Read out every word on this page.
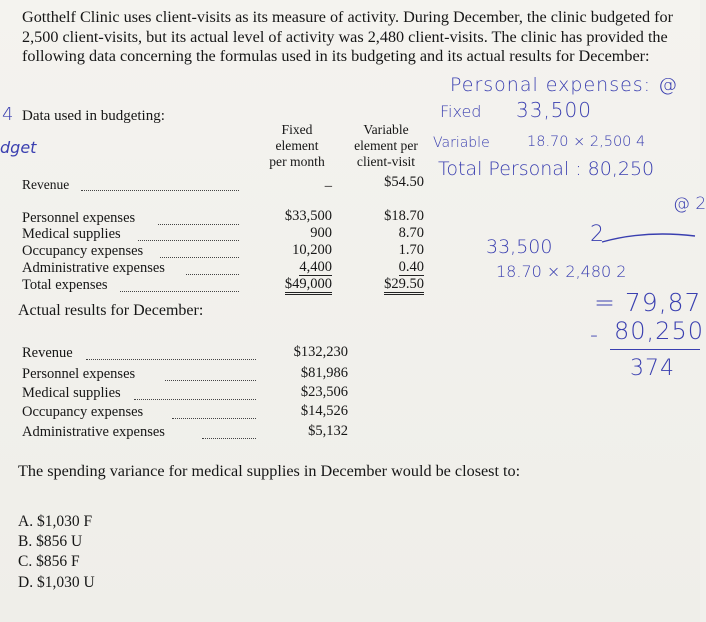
Gotthelf Clinic uses client-visits as its measure of activity. During December, the clinic budgeted for 2,500 client-visits, but its actual level of activity was 2,480 client-visits. The clinic has provided the following data concerning the formulas used in its budgeting and its actual results for December:
4
dget
Data used in budgeting:
Fixed
element
per month
Variable
element per
client-visit
Revenue	–	$54.50
Personnel expenses	$33,500	$18.70
Medical supplies	900	8.70
Occupancy expenses	10,200	1.70
Administrative expenses	4,400	0.40
Total expenses	$49,000	$29.50
Actual results for December:
Revenue	$132,230
Personnel expenses	$81,986
Medical supplies	$23,506
Occupancy expenses	$14,526
Administrative expenses	$5,132
The spending variance for medical supplies in December would be closest to:
A. $1,030 F
B. $856 U
C. $856 F
D. $1,030 U
Personal expenses: @
Fixed 33,500
Variable	18.70 × 2,500 4
Total Personal : 80,250
@ 2
33,500 2
18.70 × 2,480 2
= 79,87
- 80,250
374
